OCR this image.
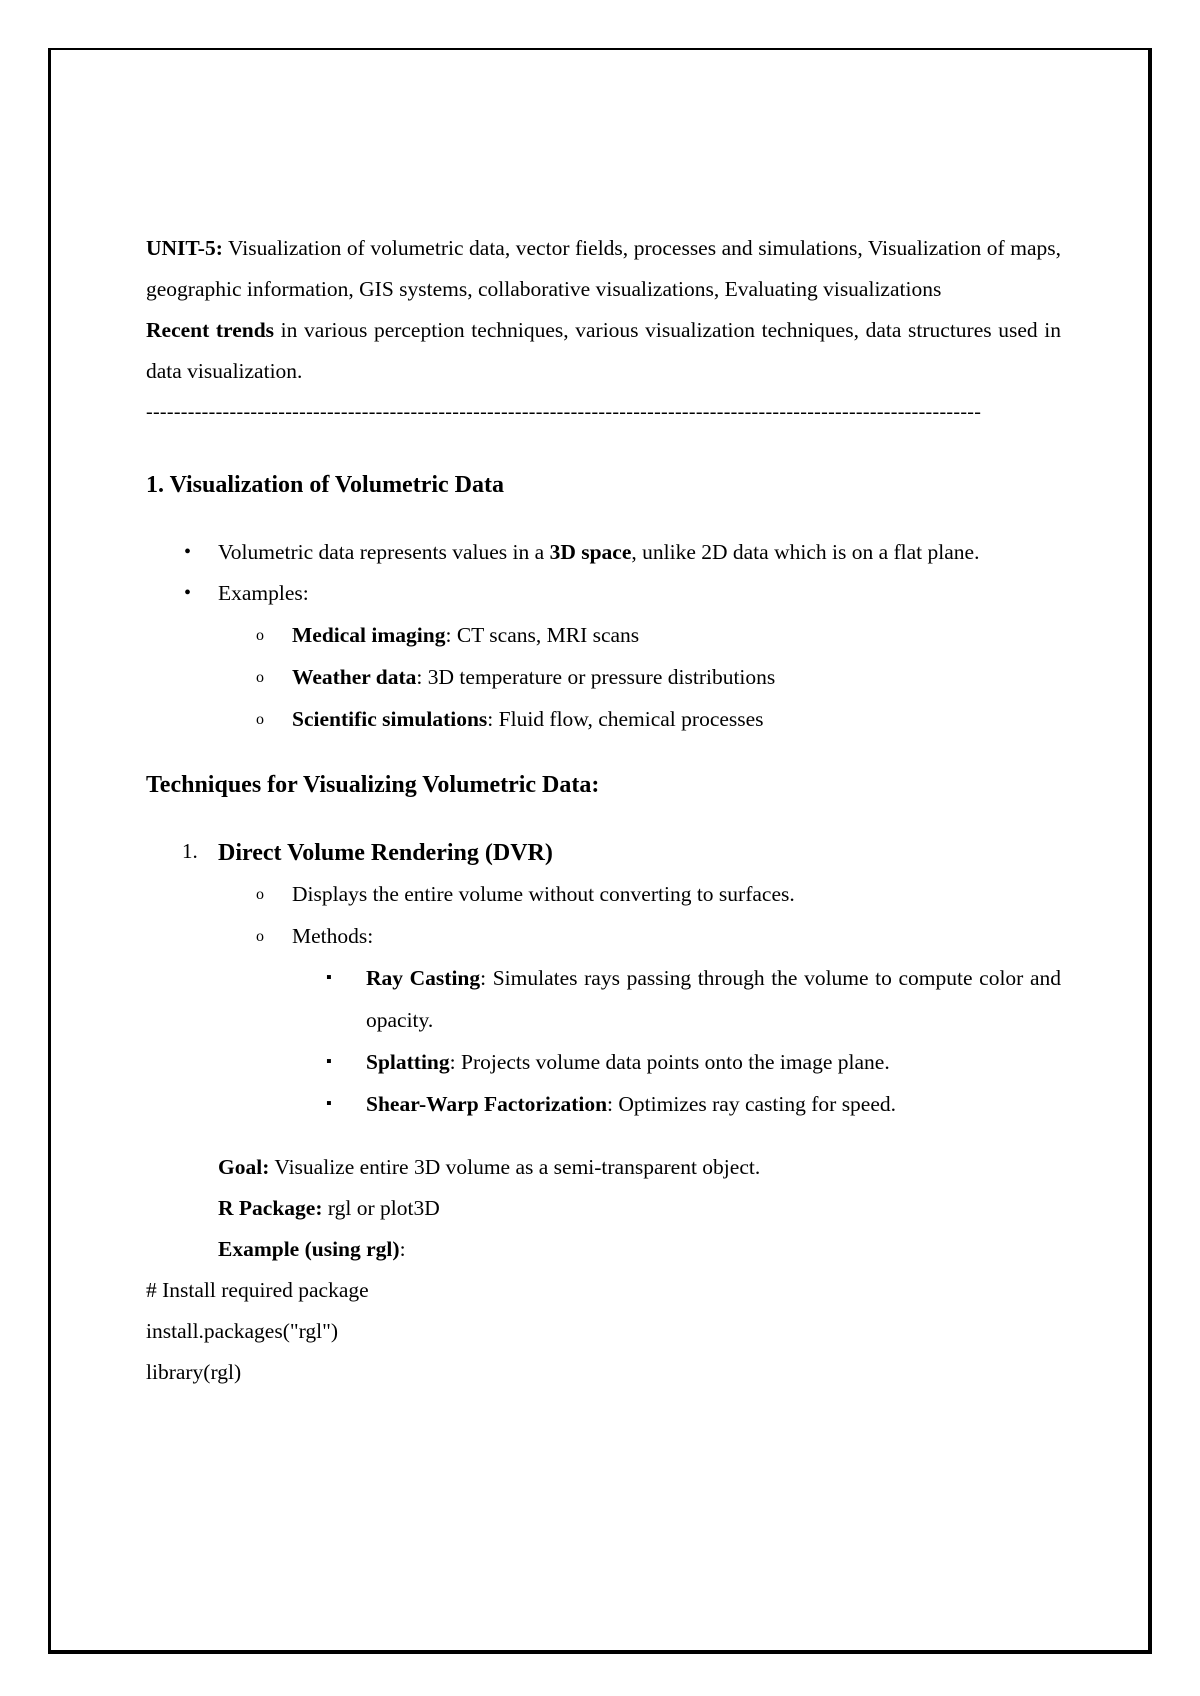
UNIT-5: Visualization of volumetric data, vector fields, processes and simulations, Visualization of maps, geographic information, GIS systems, collaborative visualizations, Evaluating visualizations

Recent trends in various perception techniques, various visualization techniques, data structures used in data visualization.

------------------------------------------------------------------------------------------------------------------------
1. Visualization of Volumetric Data
• Volumetric data represents values in a 3D space, unlike 2D data which is on a flat plane.
• Examples:
o Medical imaging: CT scans, MRI scans
o Weather data: 3D temperature or pressure distributions
o Scientific simulations: Fluid flow, chemical processes
Techniques for Visualizing Volumetric Data:
1. Direct Volume Rendering (DVR)
o Displays the entire volume without converting to surfaces.
o Methods:
▪ Ray Casting: Simulates rays passing through the volume to compute color and opacity.
▪ Splatting: Projects volume data points onto the image plane.
▪ Shear-Warp Factorization: Optimizes ray casting for speed.

Goal: Visualize entire 3D volume as a semi-transparent object.

R Package: rgl or plot3D

Example (using rgl):

# Install required package

install.packages("rgl")

library(rgl)
